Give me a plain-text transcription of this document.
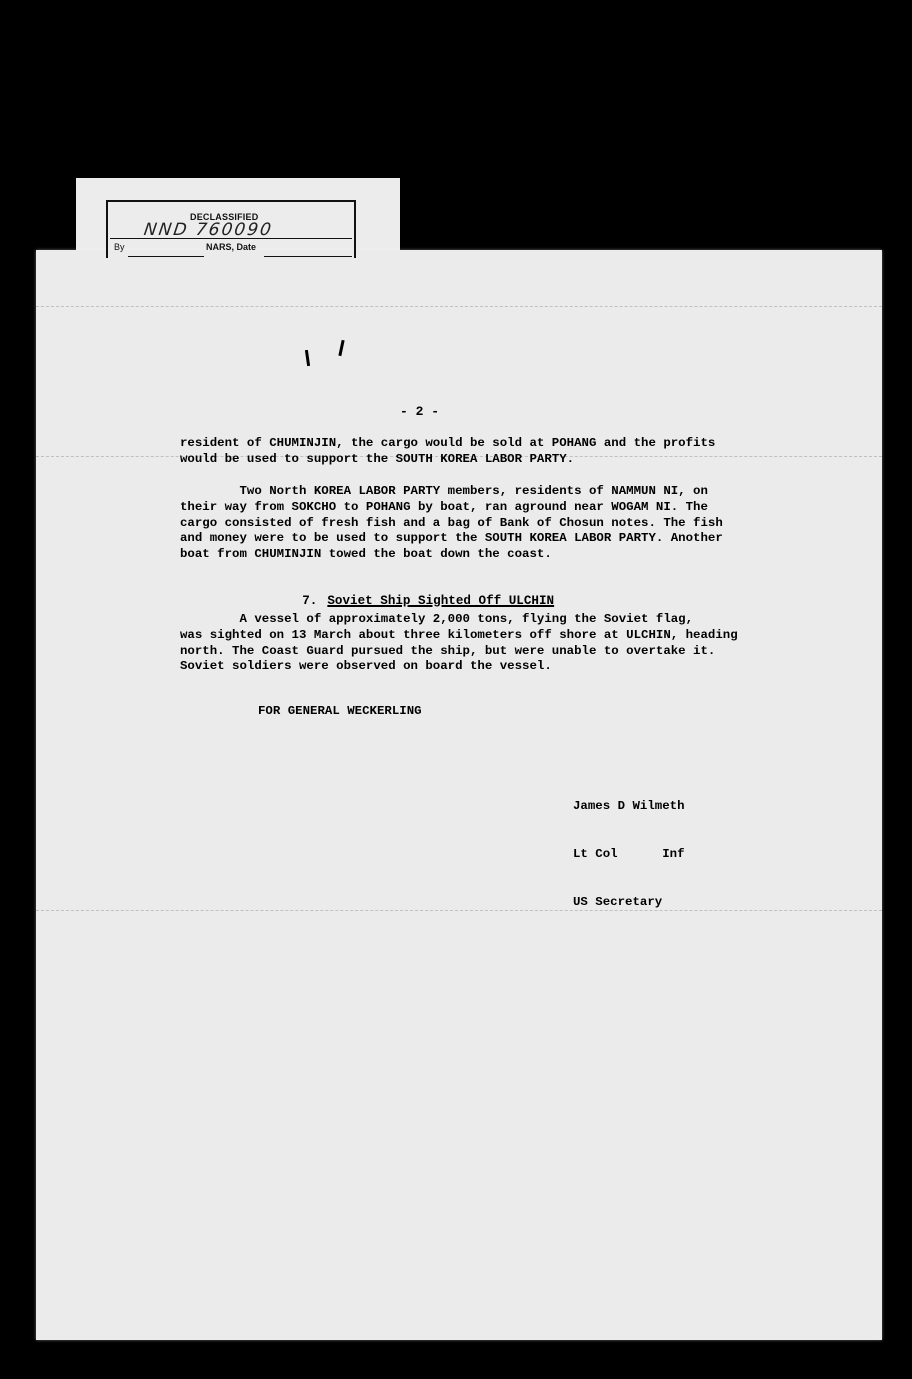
DECLASSIFIED
NND 760090
By	NARS, Date
- 2 -
resident of CHUMINJIN, the cargo would be sold at POHANG and the profits
would be used to support the SOUTH KOREA LABOR PARTY.
Two North KOREA LABOR PARTY members, residents of NAMMUN NI, on
their way from SOKCHO to POHANG by boat, ran aground near WOGAM NI. The
cargo consisted of fresh fish and a bag of Bank of Chosun notes. The fish
and money were to be used to support the SOUTH KOREA LABOR PARTY. Another
boat from CHUMINJIN towed the boat down the coast.

7. Soviet Ship Sighted Off ULCHIN

A vessel of approximately 2,000 tons, flying the Soviet flag,
was sighted on 13 March about three kilometers off shore at ULCHIN, heading
north. The Coast Guard pursued the ship, but were unable to overtake it.
Soviet soldiers were observed on board the vessel.
FOR GENERAL WECKERLING

James D Wilmeth

Lt Col      Inf

US Secretary
